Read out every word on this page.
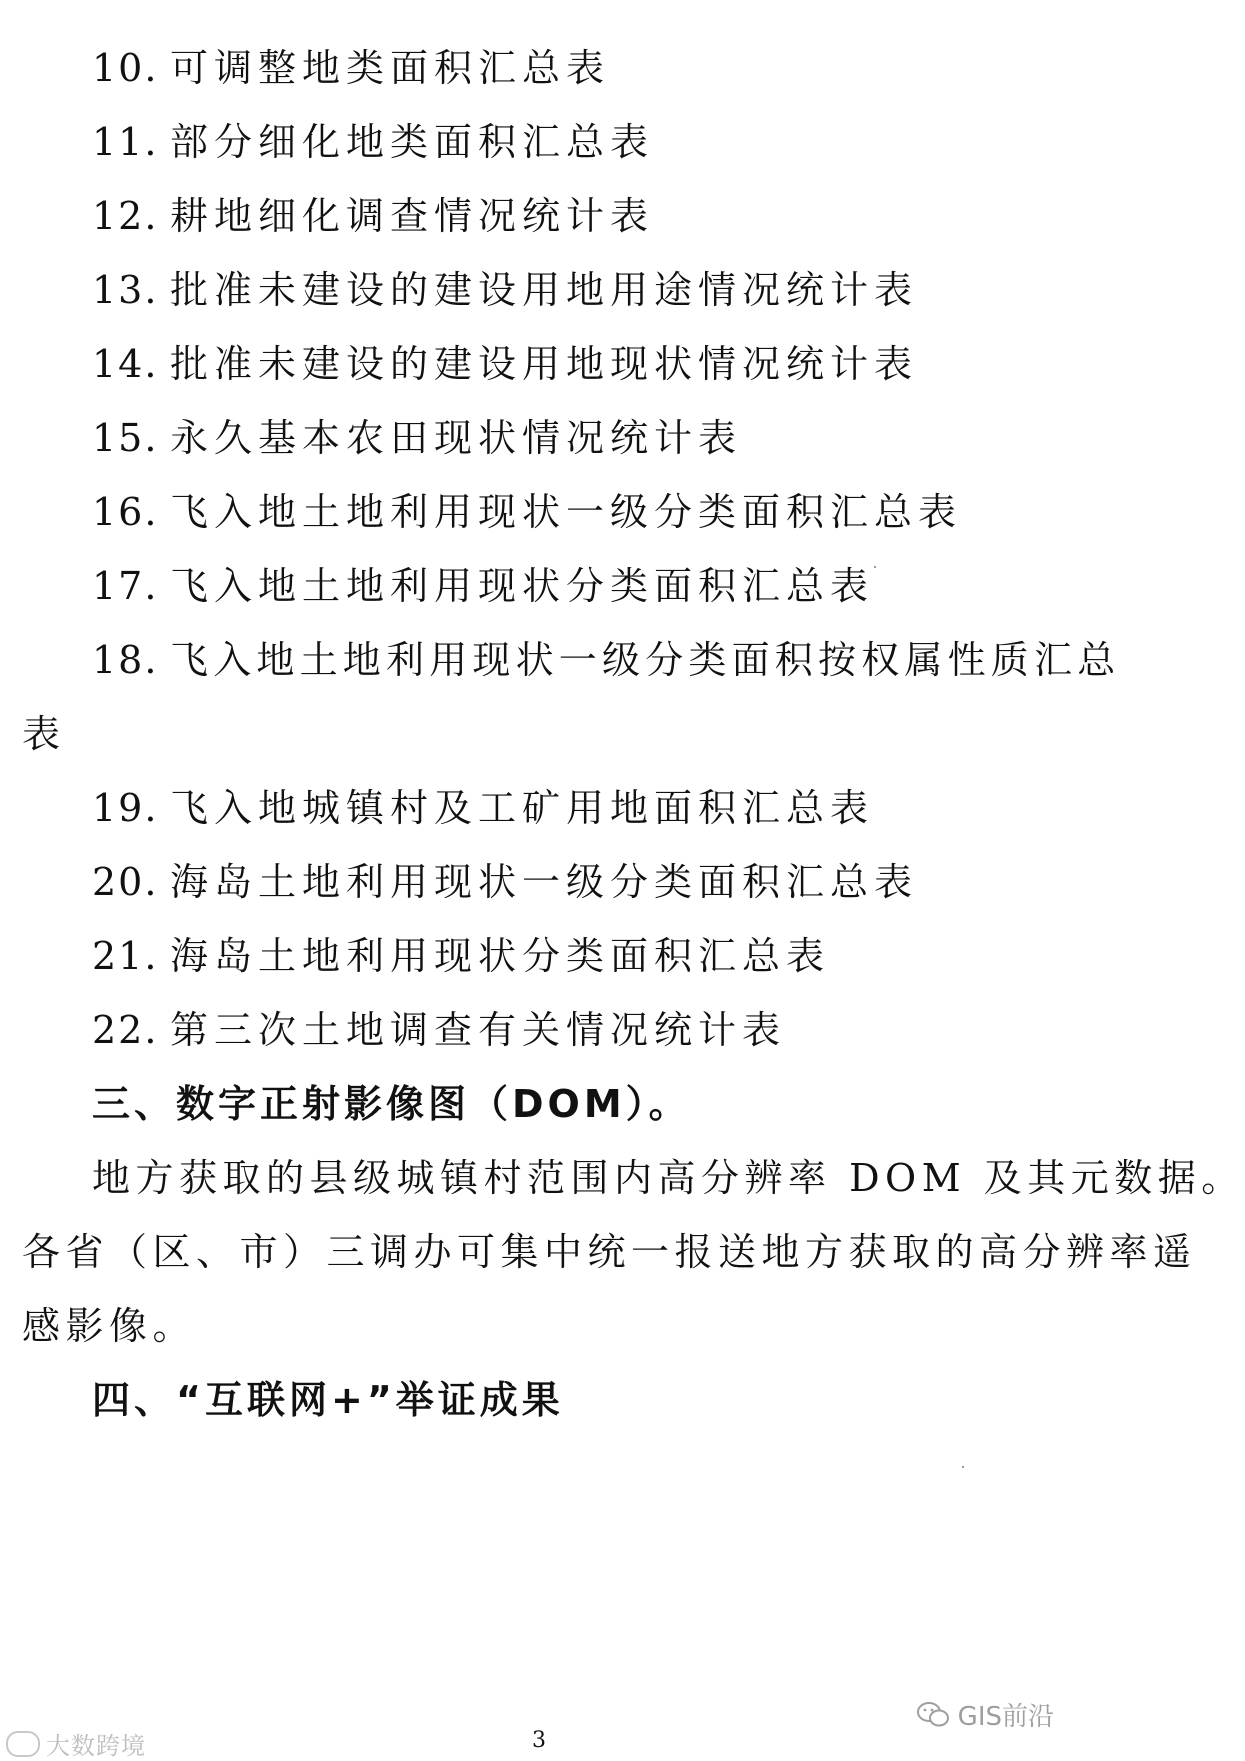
10. 可调整地类面积汇总表
11. 部分细化地类面积汇总表
12. 耕地细化调查情况统计表
13. 批准未建设的建设用地用途情况统计表
14. 批准未建设的建设用地现状情况统计表
15. 永久基本农田现状情况统计表
16. 飞入地土地利用现状一级分类面积汇总表
17. 飞入地土地利用现状分类面积汇总表
18. 飞入地土地利用现状一级分类面积按权属性质汇总
表
19. 飞入地城镇村及工矿用地面积汇总表
20. 海岛土地利用现状一级分类面积汇总表
21. 海岛土地利用现状分类面积汇总表
22. 第三次土地调查有关情况统计表
三、数字正射影像图（DOM）。
地方获取的县级城镇村范围内高分辨率 DOM 及其元数据。
各省（区、市）三调办可集中统一报送地方获取的高分辨率遥
感影像。
四、“互联网+”举证成果
3
大数跨境
GIS前沿
